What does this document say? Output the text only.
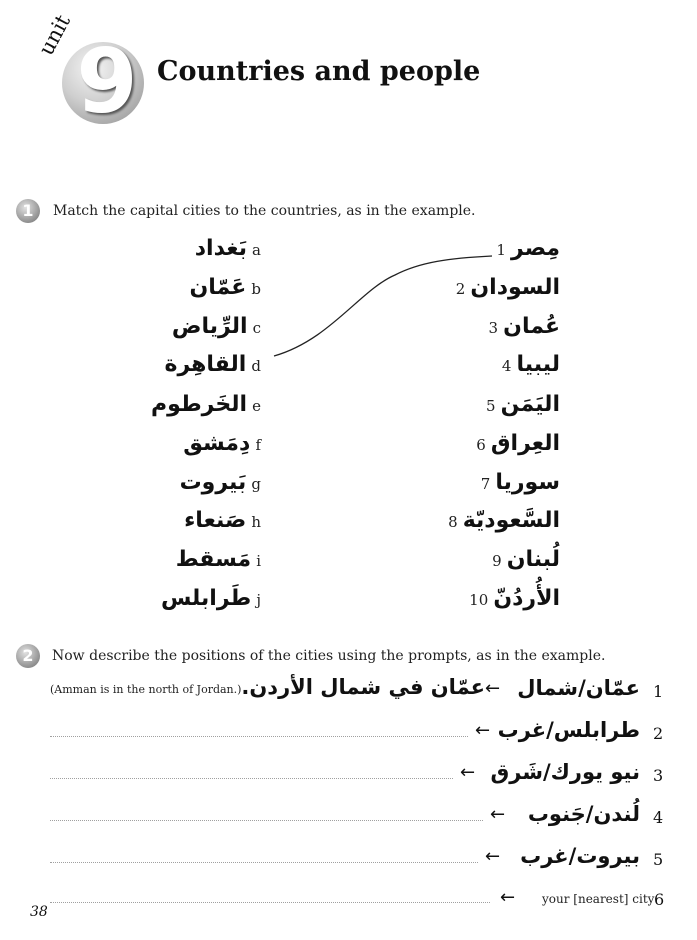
9
unit
Countries and people
1	Match the capital cities to the countries, as in the example.
بَغداد a
عَمّان b
الرِّياض c
القاهِرة d
الخَرطوم e
دِمَشق f
بَيروت g
صَنعاء h
مَسقط i
طَرابلس j
مِصر 1
السودان 2
عُمان 3
ليبيا 4
اليَمَن 5
العِراق 6
سوريا 7
السَّعوديّة 8
لُبنان 9
الأُردُنّ 10
2	Now describe the positions of the cities using the prompts, as in the example.
(Amman is in the north of Jordan.) عمّان في شمال الأردن. ← عمّان/شمال 1
← طرابلس/غرب 2
← نيو يورك/شَرق 3
← لُندن/جَنوب 4
← بيروت/غرب 5
← your [nearest] city 6
38
